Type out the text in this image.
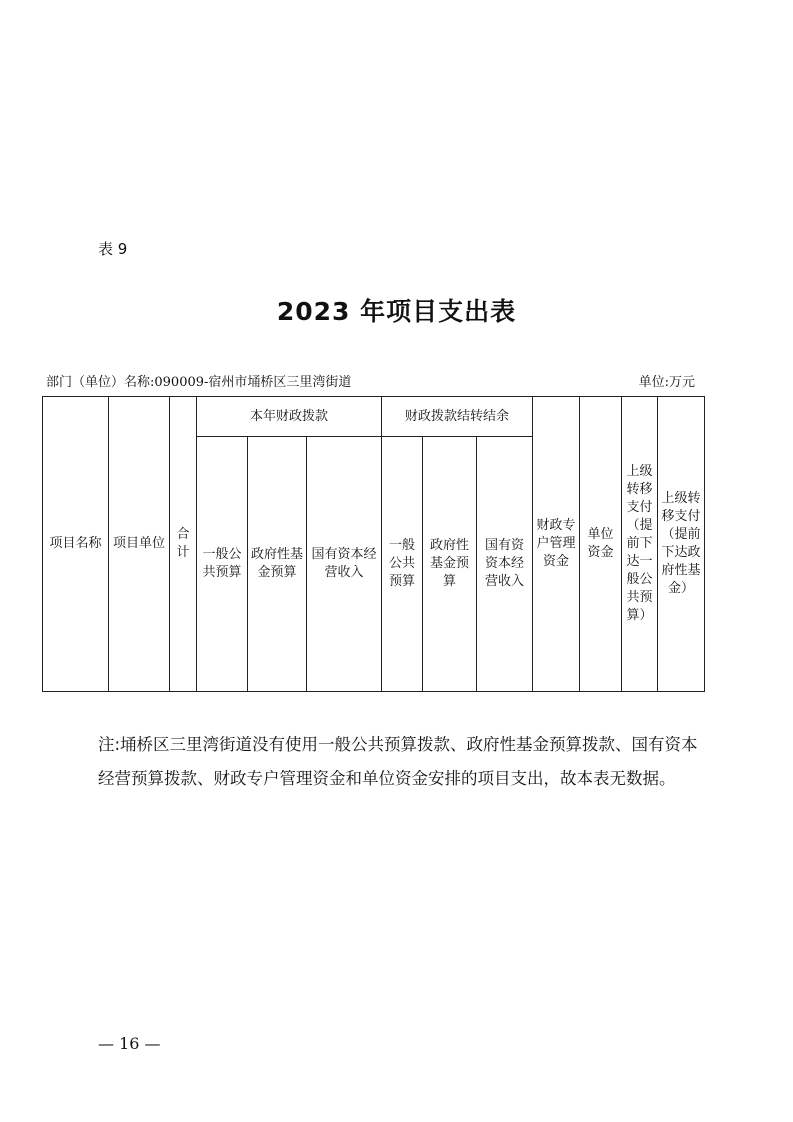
表 9
2023 年项目支出表
部门（单位）名称:090009-宿州市埇桥区三里湾街道	单位:万元
项目名称	项目单位	合计	本年财政拨款			财政拨款结转结余			财政专户管理资金	单位资金	上级转移支付（提前下达一般公共预算）	上级转移支付（提前下达政府性基金）
			一般公共预算	政府性基金预算	国有资本经营收入	一般公共预算	政府性基金预算	国有资资本经营收入				
注:埇桥区三里湾街道没有使用一般公共预算拨款、政府性基金预算拨款、国有资本经营预算拨款、财政专户管理资金和单位资金安排的项目支出，故本表无数据。
— 16 —
